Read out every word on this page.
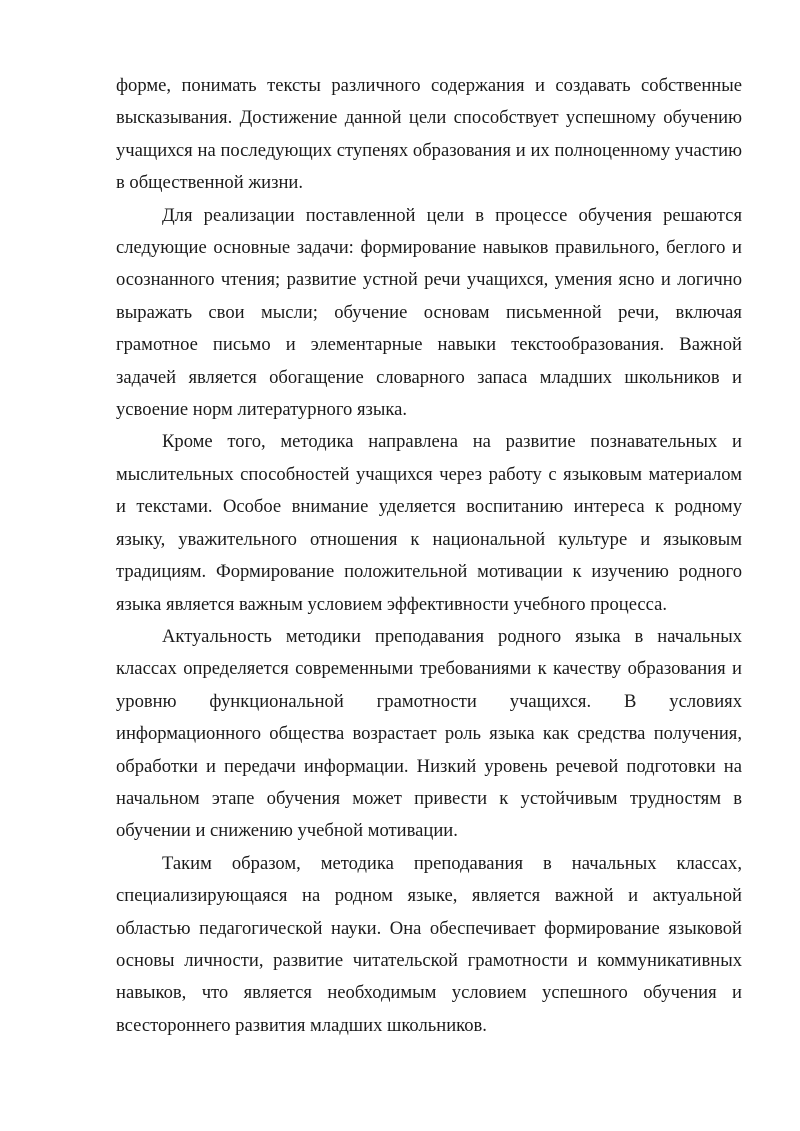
форме, понимать тексты различного содержания и создавать собственные высказывания. Достижение данной цели способствует успешному обучению учащихся на последующих ступенях образования и их полноценному участию в общественной жизни.

Для реализации поставленной цели в процессе обучения решаются следующие основные задачи: формирование навыков правильного, беглого и осознанного чтения; развитие устной речи учащихся, умения ясно и логично выражать свои мысли; обучение основам письменной речи, включая грамотное письмо и элементарные навыки текстообразования. Важной задачей является обогащение словарного запаса младших школьников и усвоение норм литературного языка.

Кроме того, методика направлена на развитие познавательных и мыслительных способностей учащихся через работу с языковым материалом и текстами. Особое внимание уделяется воспитанию интереса к родному языку, уважительного отношения к национальной культуре и языковым традициям. Формирование положительной мотивации к изучению родного языка является важным условием эффективности учебного процесса.

Актуальность методики преподавания родного языка в начальных классах определяется современными требованиями к качеству образования и уровню функциональной грамотности учащихся. В условиях информационного общества возрастает роль языка как средства получения, обработки и передачи информации. Низкий уровень речевой подготовки на начальном этапе обучения может привести к устойчивым трудностям в обучении и снижению учебной мотивации.

Таким образом, методика преподавания в начальных классах, специализирующаяся на родном языке, является важной и актуальной областью педагогической науки. Она обеспечивает формирование языковой основы личности, развитие читательской грамотности и коммуникативных навыков, что является необходимым условием успешного обучения и всестороннего развития младших школьников.
